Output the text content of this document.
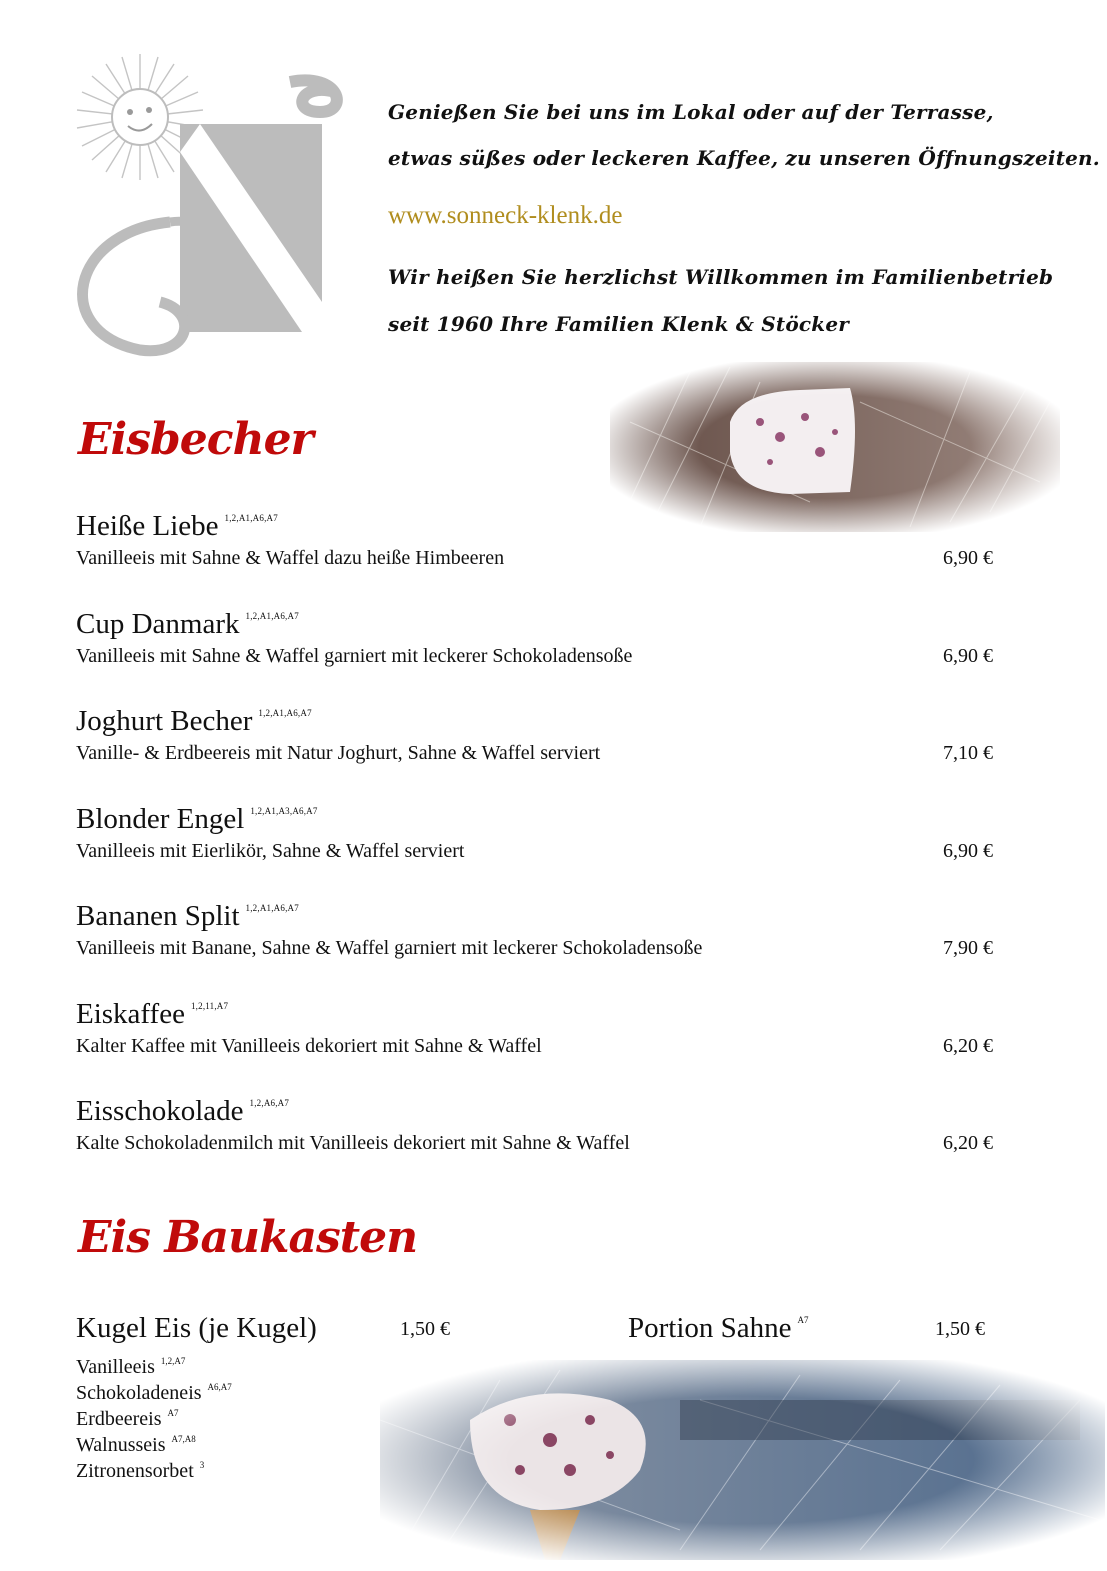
Genießen Sie bei uns im Lokal oder auf der Terrasse,
etwas süßes oder leckeren Kaffee, zu unseren Öffnungszeiten.
www.sonneck-klenk.de
Wir heißen Sie herzlichst Willkommen im Familienbetrieb
seit 1960 Ihre Familien Klenk & Stöcker
Eisbecher
Heiße Liebe $^{1,2,A1,A6,A7}$
Vanilleeis mit Sahne & Waffel dazu heiße Himbeeren	6,90 €
Cup Danmark $^{1,2,A1,A6,A7}$
Vanilleeis mit Sahne & Waffel garniert mit leckerer Schokoladensoße	6,90 €
Joghurt Becher $^{1,2,A1,A6,A7}$
Vanille- & Erdbeereis mit Natur Joghurt, Sahne & Waffel serviert	7,10 €
Blonder Engel $^{1,2,A1,A3,A6,A7}$
Vanilleeis mit Eierlikör, Sahne & Waffel serviert	6,90 €
Bananen Split $^{1,2,A1,A6,A7}$
Vanilleeis mit Banane, Sahne & Waffel garniert mit leckerer Schokoladensoße	7,90 €
Eiskaffee $^{1,2,11,A7}$
Kalter Kaffee mit Vanilleeis dekoriert mit Sahne & Waffel	6,20 €
Eisschokolade $^{1,2,A6,A7}$
Kalte Schokoladenmilch mit Vanilleeis dekoriert mit Sahne & Waffel	6,20 €
Eis Baukasten
Kugel Eis (je Kugel)	1,50 €	Portion Sahne $^{A7}$	1,50 €
Vanilleeis $^{1,2,A7}$
Schokoladeneis $^{A6,A7}$
Erdbeereis $^{A7}$
Walnusseis $^{A7,A8}$
Zitronensorbet $^3$
